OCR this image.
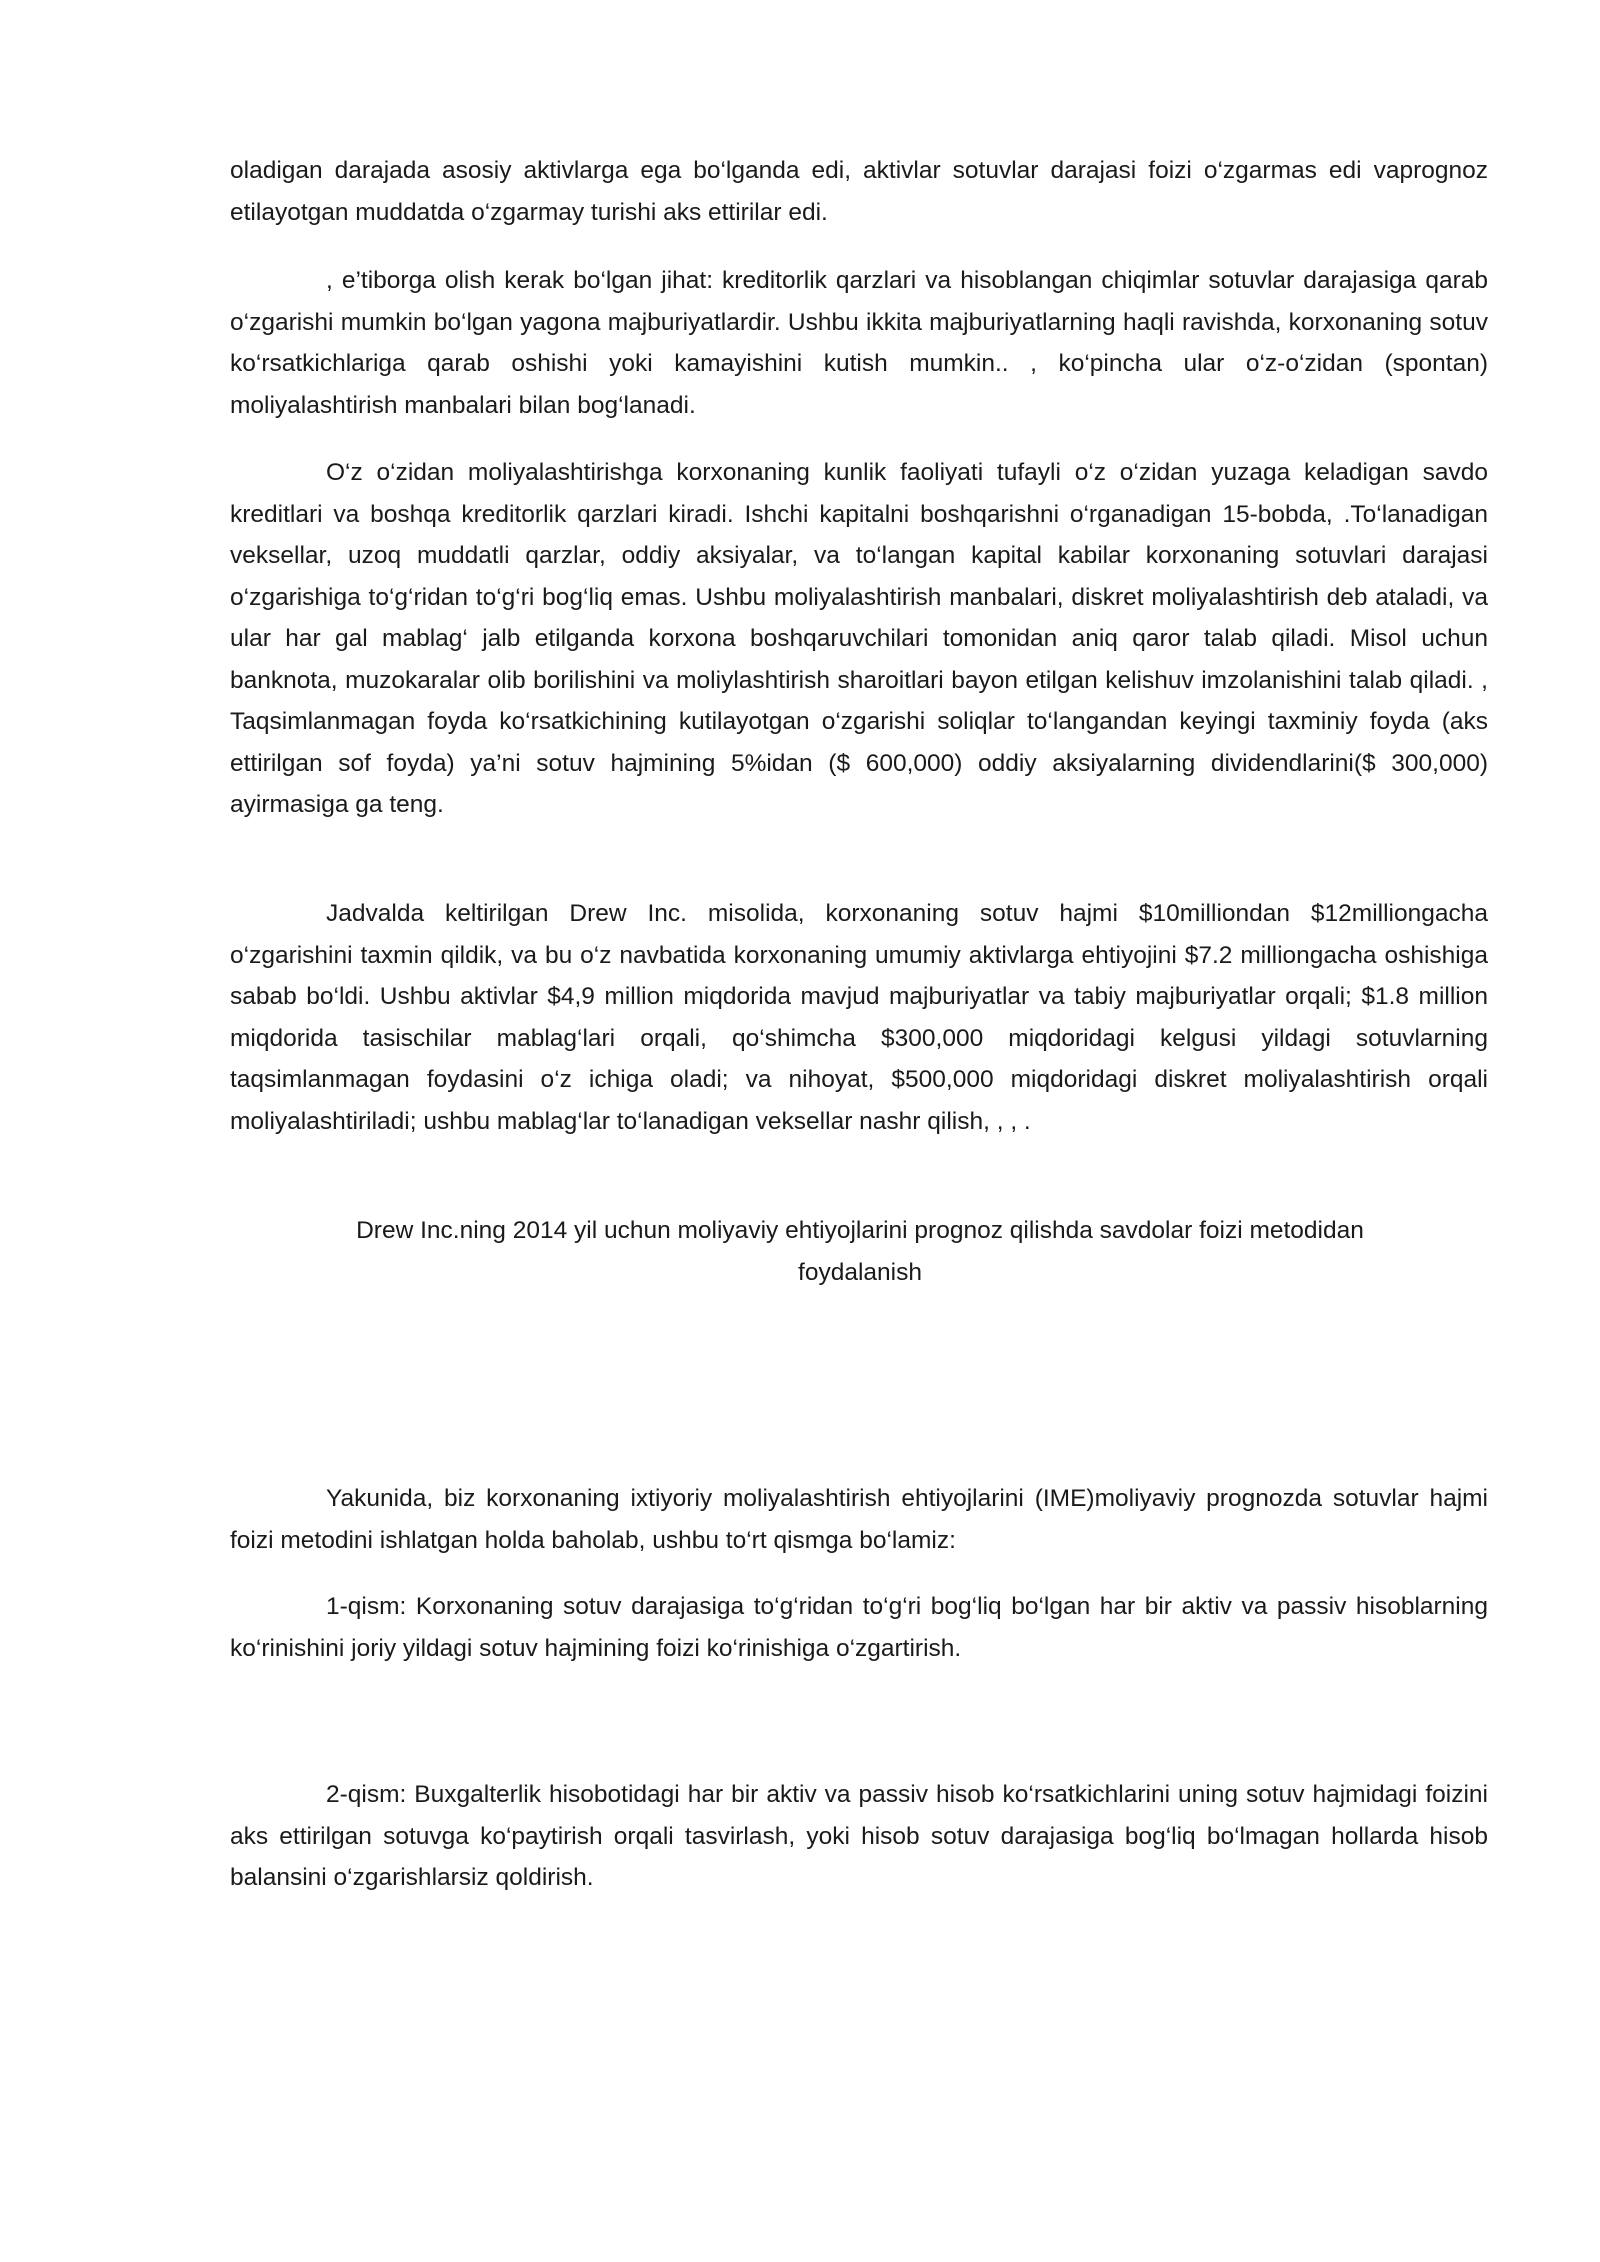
oladigan darajada asosiy aktivlarga ega bo‘lganda edi, aktivlar sotuvlar darajasi foizi o‘zgarmas edi vaprognoz etilayotgan muddatda o‘zgarmay turishi aks ettirilar edi.

, e’tiborga olish kerak bo‘lgan jihat: kreditorlik qarzlari va hisoblangan chiqimlar sotuvlar darajasiga qarab o‘zgarishi mumkin bo‘lgan yagona majburiyatlardir. Ushbu ikkita majburiyatlarning haqli ravishda, korxonaning sotuv ko‘rsatkichlariga qarab oshishi yoki kamayishini kutish mumkin.. , ko‘pincha ular o‘z-o‘zidan (spontan) moliyalashtirish manbalari bilan bog‘lanadi.

O‘z o‘zidan moliyalashtirishga korxonaning kunlik faoliyati tufayli o‘z o‘zidan yuzaga keladigan savdo kreditlari va boshqa kreditorlik qarzlari kiradi. Ishchi kapitalni boshqarishni o‘rganadigan 15-bobda, .To‘lanadigan veksellar, uzoq muddatli qarzlar, oddiy aksiyalar, va to‘langan kapital kabilar korxonaning sotuvlari darajasi o‘zgarishiga to‘g‘ridan to‘g‘ri bog‘liq emas. Ushbu moliyalashtirish manbalari, diskret moliyalashtirish deb ataladi, va ular har gal mablag‘ jalb etilganda korxona boshqaruvchilari tomonidan aniq qaror talab qiladi. Misol uchun banknota, muzokaralar olib borilishini va moliylashtirish sharoitlari bayon etilgan kelishuv imzolanishini talab qiladi. , Taqsimlanmagan foyda ko‘rsatkichining kutilayotgan o‘zgarishi soliqlar to‘langandan keyingi taxminiy foyda (aks ettirilgan sof foyda) ya’ni sotuv hajmining 5%idan ($ 600,000) oddiy aksiyalarning dividendlarini($ 300,000) ayirmasiga ga teng.

Jadvalda keltirilgan Drew Inc. misolida, korxonaning sotuv hajmi $10milliondan $12milliongacha o‘zgarishini taxmin qildik, va bu o‘z navbatida korxonaning umumiy aktivlarga ehtiyojini $7.2 milliongacha oshishiga sabab bo‘ldi. Ushbu aktivlar $4,9 million miqdorida mavjud majburiyatlar va tabiy majburiyatlar orqali; $1.8 million miqdorida tasischilar mablag‘lari orqali, qo‘shimcha $300,000 miqdoridagi kelgusi yildagi sotuvlarning taqsimlanmagan foydasini o‘z ichiga oladi; va nihoyat, $500,000 miqdoridagi diskret moliyalashtirish orqali moliyalashtiriladi; ushbu mablag‘lar to‘lanadigan veksellar nashr qilish, , , .

Drew Inc.ning 2014 yil uchun moliyaviy ehtiyojlarini prognoz qilishda savdolar foizi metodidan foydalanish

Yakunida, biz korxonaning ixtiyoriy moliyalashtirish ehtiyojlarini (IME)moliyaviy prognozda sotuvlar hajmi foizi metodini ishlatgan holda baholab, ushbu to‘rt qismga bo‘lamiz:

1-qism: Korxonaning sotuv darajasiga to‘g‘ridan to‘g‘ri bog‘liq bo‘lgan har bir aktiv va passiv hisoblarning ko‘rinishini joriy yildagi sotuv hajmining foizi ko‘rinishiga o‘zgartirish.

2-qism: Buxgalterlik hisobotidagi har bir aktiv va passiv hisob ko‘rsatkichlarini uning sotuv hajmidagi foizini aks ettirilgan sotuvga ko‘paytirish orqali tasvirlash, yoki hisob sotuv darajasiga bog‘liq bo‘lmagan hollarda hisob balansini o‘zgarishlarsiz qoldirish.
